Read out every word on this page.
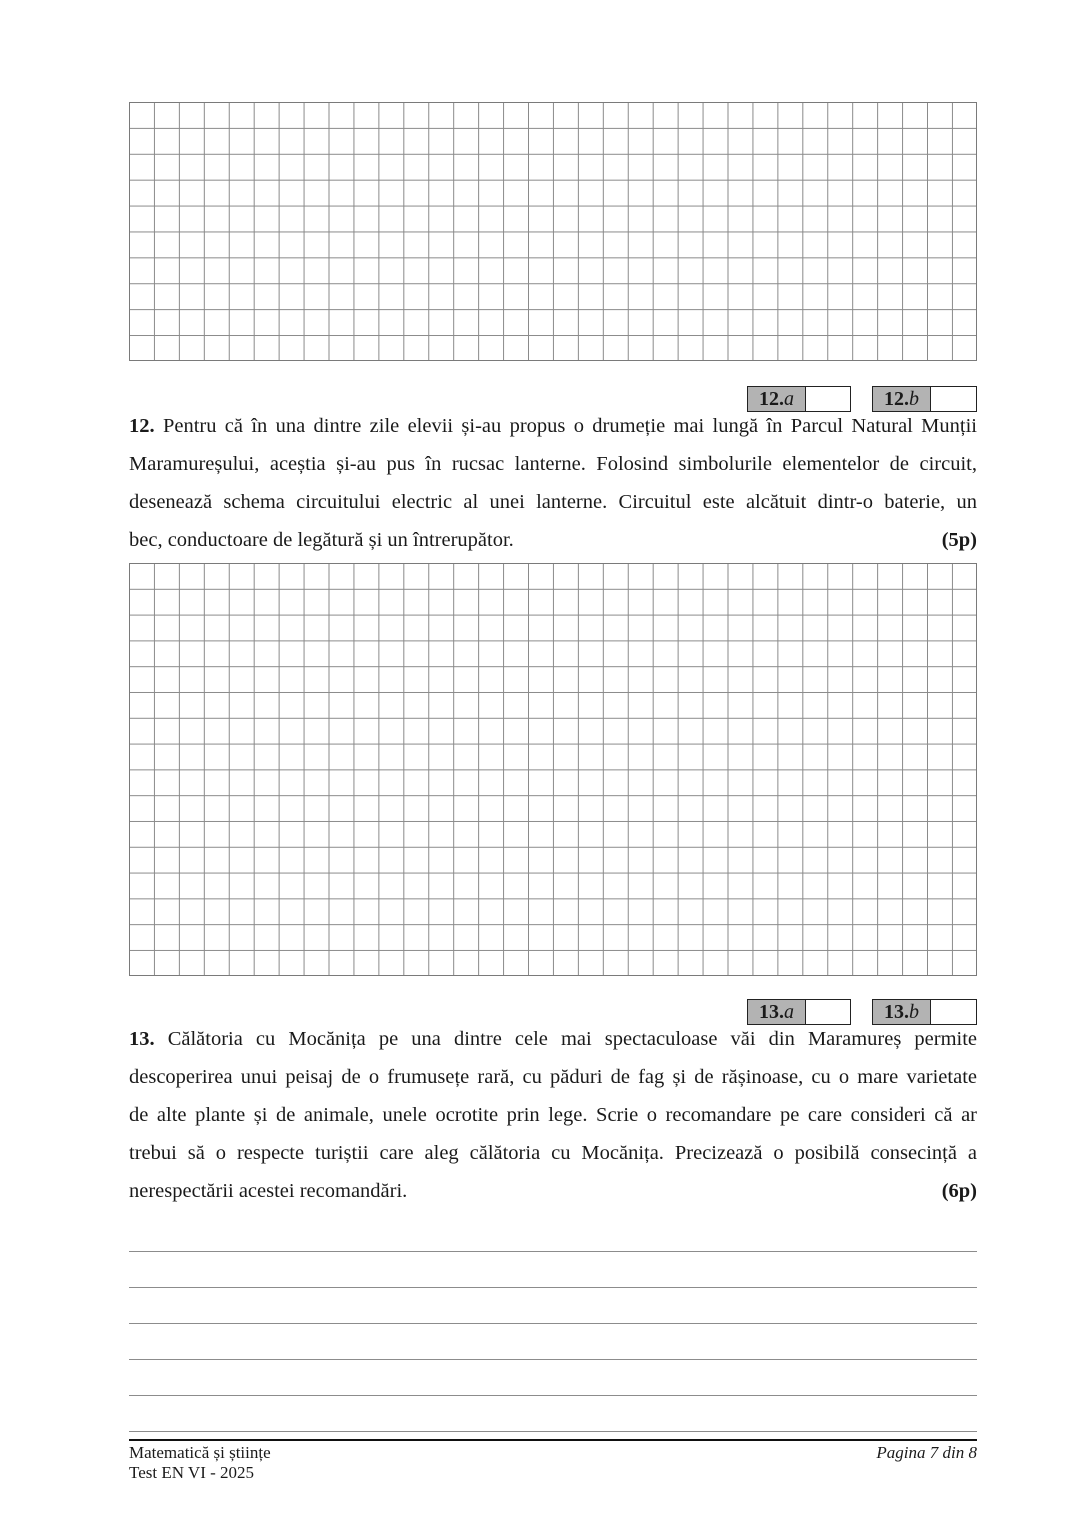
12. a	12. b
12. Pentru că în una dintre zile elevii și-au propus o drumeție mai lungă în Parcul Natural Munții
Maramureșului, aceștia și-au pus în rucsac lanterne. Folosind simbolurile elementelor de circuit,
desenează schema circuitului electric al unei lanterne. Circuitul este alcătuit dintr-o baterie, un
bec, conductoare de legătură și un întrerupător.	(5p)
13. a	13. b
13. Călătoria cu Mocănița pe una dintre cele mai spectaculoase văi din Maramureș permite
descoperirea unui peisaj de o frumusețe rară, cu păduri de fag și de rășinoase, cu o mare varietate
de alte plante și de animale, unele ocrotite prin lege. Scrie o recomandare pe care consideri că ar
trebui să o respecte turiștii care aleg călătoria cu Mocănița. Precizează o posibilă consecință a
nerespectării acestei recomandări.	(6p)
Matematică și științe
Test EN VI - 2025
Pagina 7 din 8
